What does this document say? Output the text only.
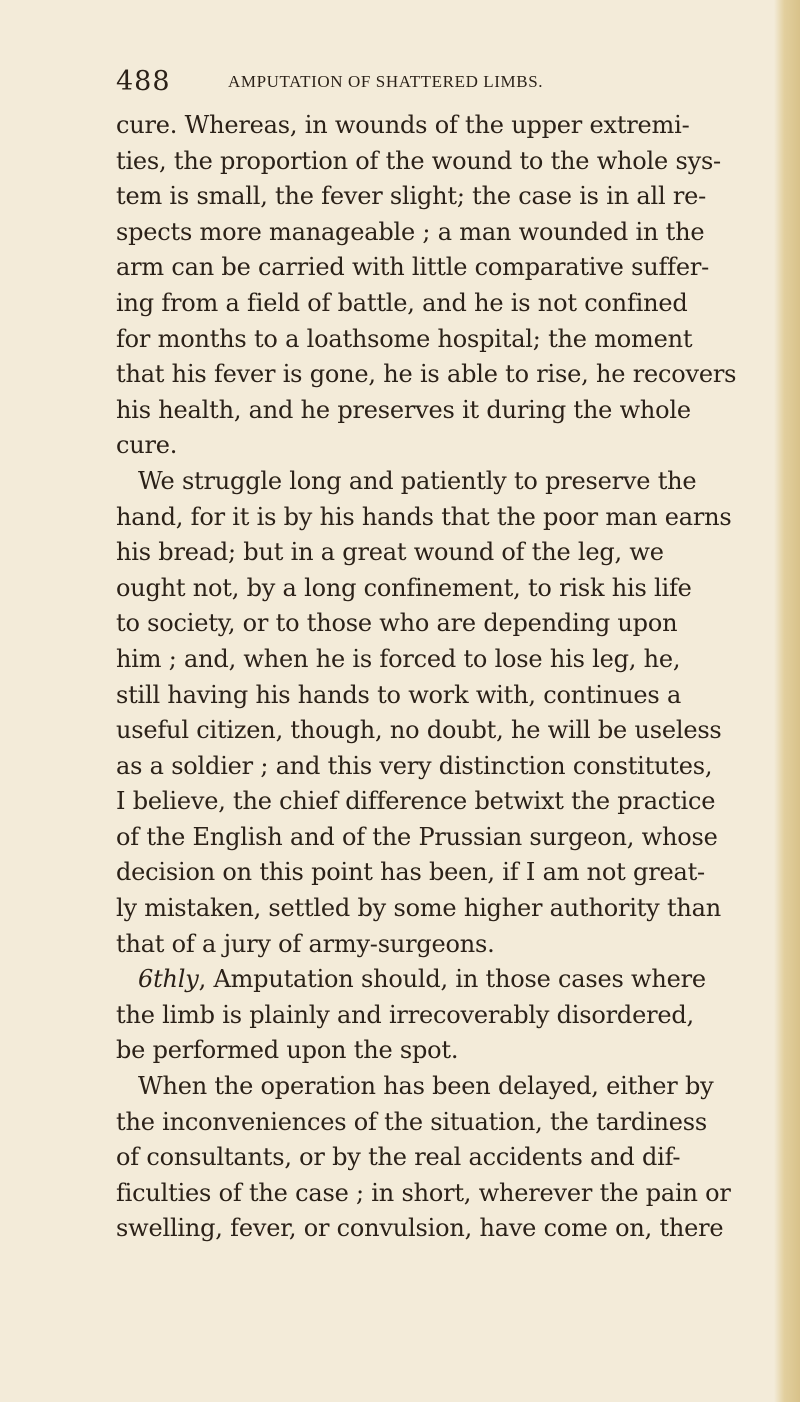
488	AMPUTATION OF SHATTERED LIMBS.
cure. Whereas, in wounds of the upper extremi-
ties, the proportion of the wound to the whole sys-
tem is small, the fever slight; the case is in all re-
spects more manageable ; a man wounded in the
arm can be carried with little comparative suffer-
ing from a field of battle, and he is not confined
for months to a loathsome hospital; the moment
that his fever is gone, he is able to rise, he recovers
his health, and he preserves it during the whole
cure.
We struggle long and patiently to preserve the
hand, for it is by his hands that the poor man earns
his bread; but in a great wound of the leg, we
ought not, by a long confinement, to risk his life
to society, or to those who are depending upon
him ; and, when he is forced to lose his leg, he,
still having his hands to work with, continues a
useful citizen, though, no doubt, he will be useless
as a soldier ; and this very distinction constitutes,
I believe, the chief difference betwixt the practice
of the English and of the Prussian surgeon, whose
decision on this point has been, if I am not great-
ly mistaken, settled by some higher authority than
that of a jury of army-surgeons.
6thly, Amputation should, in those cases where
the limb is plainly and irrecoverably disordered,
be performed upon the spot.
When the operation has been delayed, either by
the inconveniences of the situation, the tardiness
of consultants, or by the real accidents and dif-
ficulties of the case ; in short, wherever the pain or
swelling, fever, or convulsion, have come on, there
